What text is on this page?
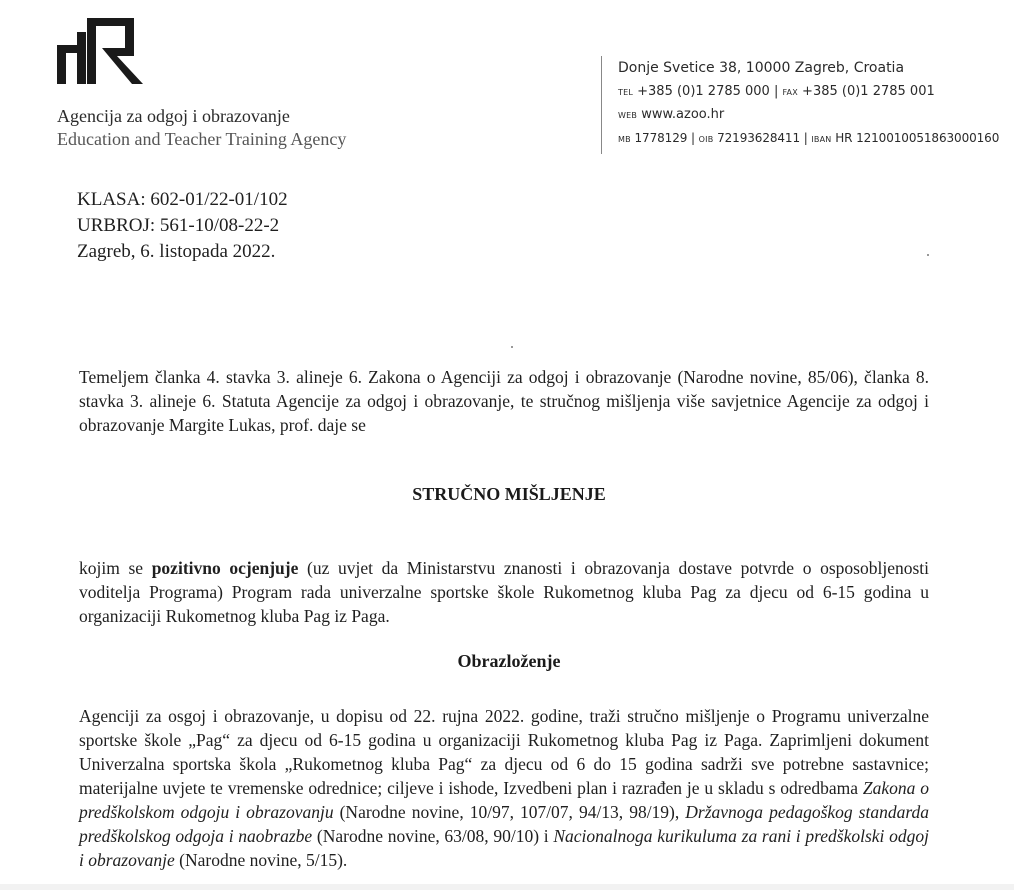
Agencija za odgoj i obrazovanje
Education and Teacher Training Agency
Donje Svetice 38, 10000 Zagreb, Croatia
TEL +385 (0)1 2785 000 | FAX +385 (0)1 2785 001
WEB www.azoo.hr
MB 1778129 | OIB 72193628411 | IBAN HR 1210010051863000160
KLASA: 602-01/22-01/102
URBROJ: 561-10/08-22-2
Zagreb, 6. listopada 2022.
Temeljem članka 4. stavka 3. alineje 6. Zakona o Agenciji za odgoj i obrazovanje (Narodne novine, 85/06), članka 8. stavka 3. alineje 6. Statuta Agencije za odgoj i obrazovanje, te stručnog mišljenja više savjetnice Agencije za odgoj i obrazovanje Margite Lukas, prof. daje se
STRUČNO MIŠLJENJE
kojim se pozitivno ocjenjuje (uz uvjet da Ministarstvu znanosti i obrazovanja dostave potvrde o osposobljenosti voditelja Programa) Program rada univerzalne sportske škole Rukometnog kluba Pag za djecu od 6-15 godina u organizaciji Rukometnog kluba Pag iz Paga.
Obrazloženje
Agenciji za osgoj i obrazovanje, u dopisu od 22. rujna 2022. godine, traži stručno mišljenje o Programu univerzalne sportske škole „Pag“ za djecu od 6-15 godina u organizaciji Rukometnog kluba Pag iz Paga. Zaprimljeni dokument Univerzalna sportska škola „Rukometnog kluba Pag“ za djecu od 6 do 15 godina sadrži sve potrebne sastavnice; materijalne uvjete te vremenske odrednice; ciljeve i ishode, Izvedbeni plan i razrađen je u skladu s odredbama Zakona o predškolskom odgoju i obrazovanju (Narodne novine, 10/97, 107/07, 94/13, 98/19), Državnoga pedagoškog standarda predškolskog odgoja i naobrazbe (Narodne novine, 63/08, 90/10) i Nacionalnoga kurikuluma za rani i predškolski odgoj i obrazovanje (Narodne novine, 5/15).
